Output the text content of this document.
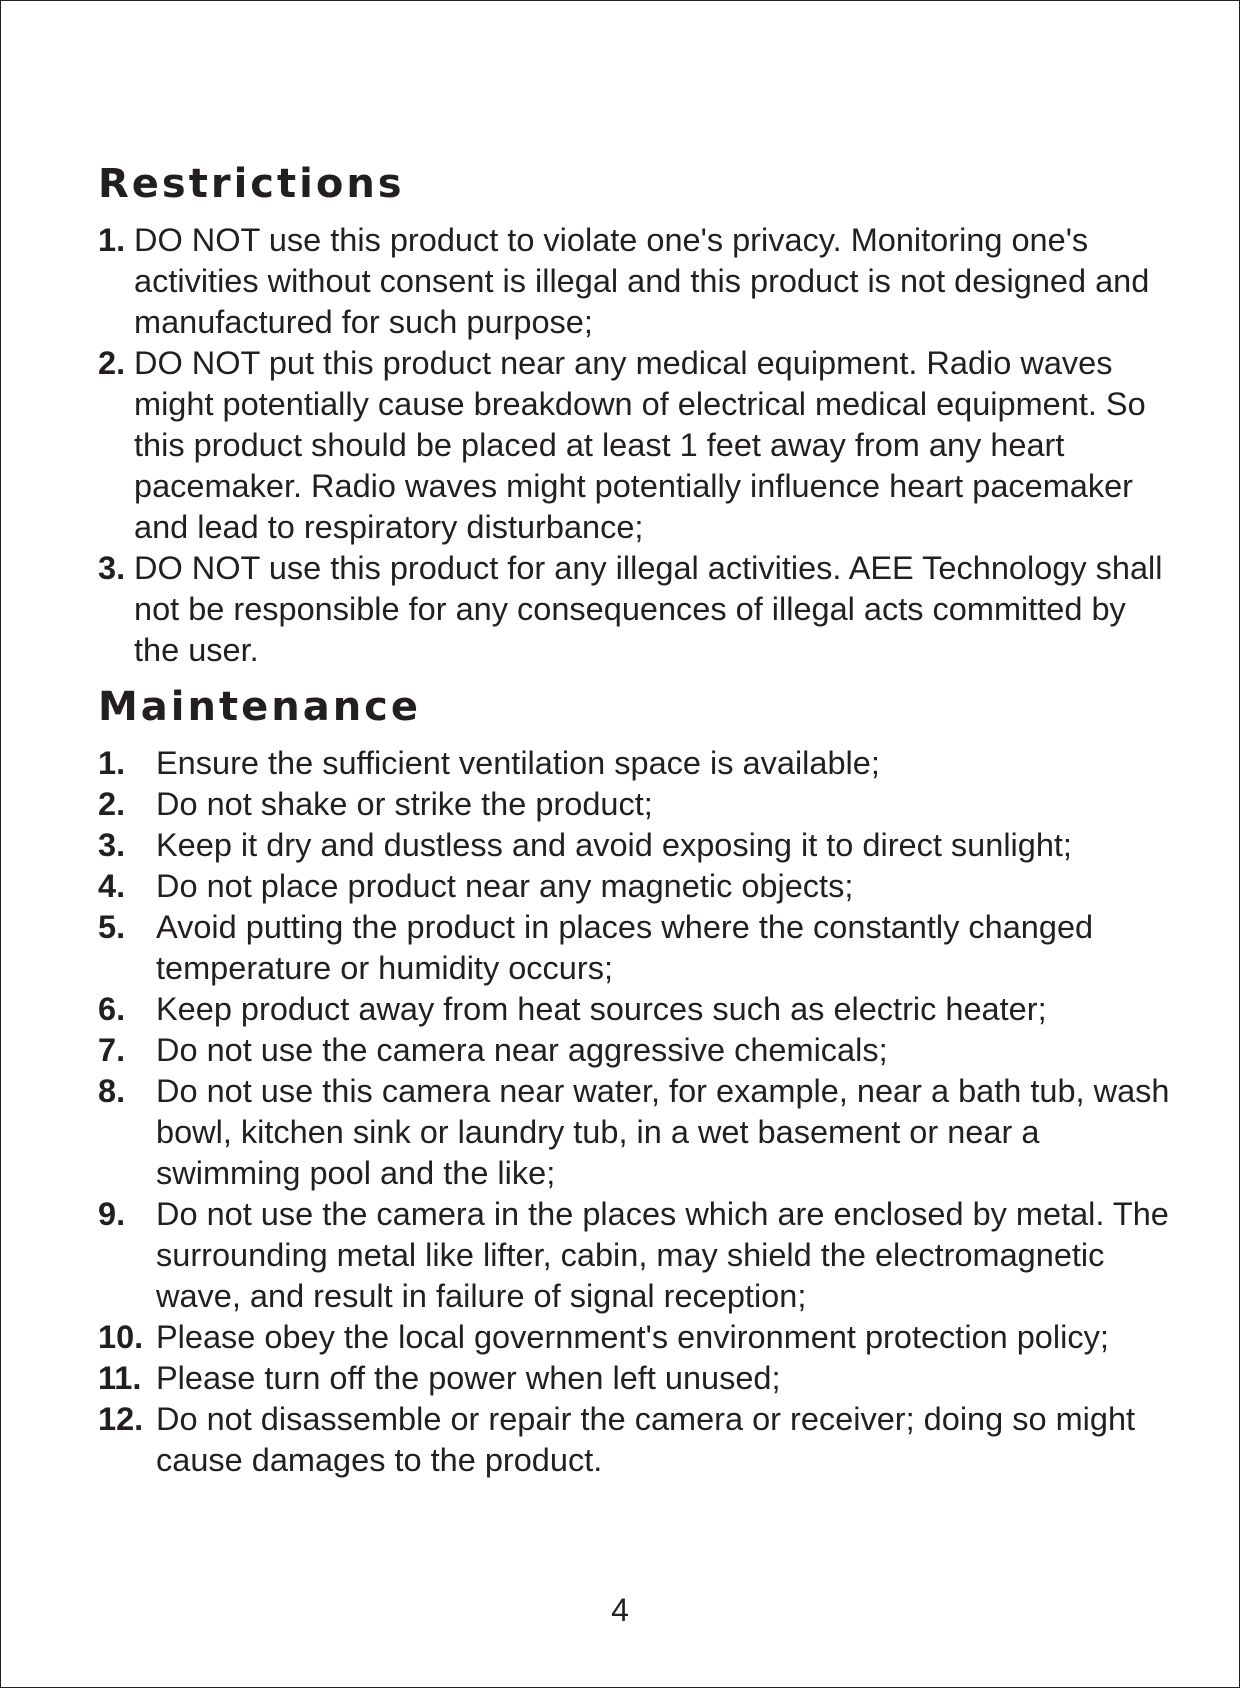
Restrictions
1. DO NOT use this product to violate one's privacy. Monitoring one's activities without consent is illegal and this product is not designed and manufactured for such purpose;
2. DO NOT put this product near any medical equipment. Radio waves might potentially cause breakdown of electrical medical equipment. So this product should be placed at least 1 feet away from any heart pacemaker. Radio waves might potentially influence heart pacemaker and lead to respiratory disturbance;
3. DO NOT use this product for any illegal activities. AEE Technology shall not be responsible for any consequences of illegal acts committed by the user.
Maintenance
1. Ensure the sufficient ventilation space is available;
2. Do not shake or strike the product;
3. Keep it dry and dustless and avoid exposing it to direct sunlight;
4. Do not place product near any magnetic objects;
5. Avoid putting the product in places where the constantly changed temperature or humidity occurs;
6. Keep product away from heat sources such as electric heater;
7. Do not use the camera near aggressive chemicals;
8. Do not use this camera near water, for example, near a bath tub, wash bowl, kitchen sink or laundry tub, in a wet basement or near a swimming pool and the like;
9. Do not use the camera in the places which are enclosed by metal. The surrounding metal like lifter, cabin, may shield the electromagnetic wave, and result in failure of signal reception;
10. Please obey the local government's environment protection policy;
11. Please turn off the power when left unused;
12. Do not disassemble or repair the camera or receiver; doing so might cause damages to the product.
4
